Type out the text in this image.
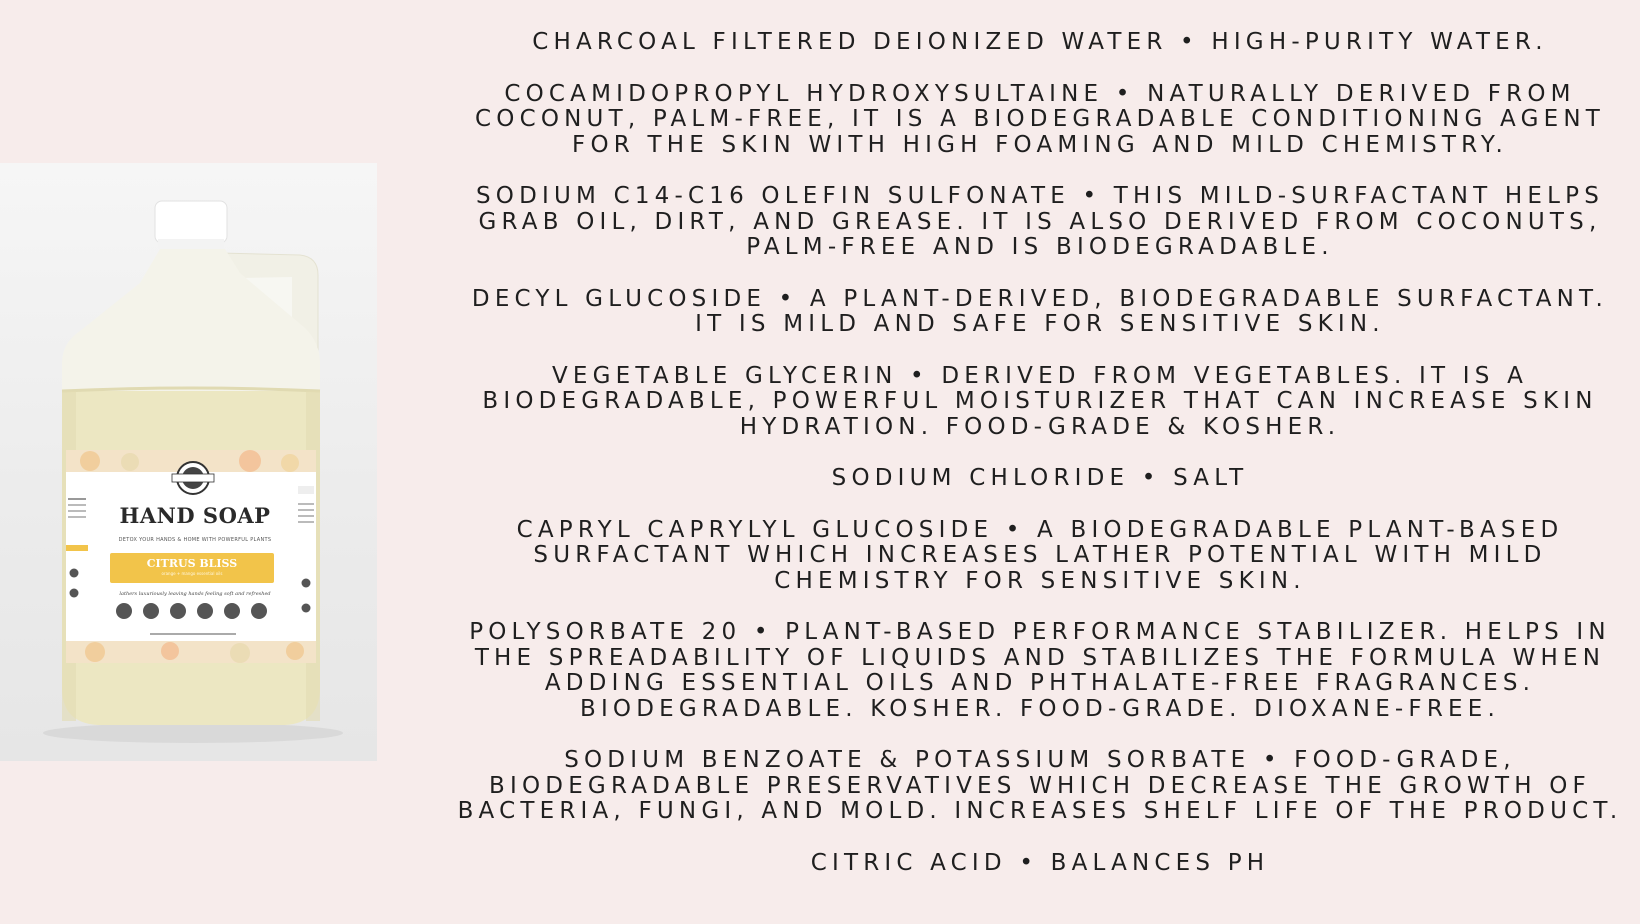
HAND SOAP
DETOX YOUR HANDS & HOME WITH POWERFUL PLANTS
CITRUS BLISS
orange + mango essential oils
lathers luxuriously leaving hands feeling soft and refreshed
CHARCOAL FILTERED DEIONIZED WATER • HIGH-PURITY WATER.
COCAMIDOPROPYL HYDROXYSULTAINE • NATURALLY DERIVED FROM COCONUT, PALM-FREE, IT IS A BIODEGRADABLE CONDITIONING AGENT FOR THE SKIN WITH HIGH FOAMING AND MILD CHEMISTRY.
SODIUM C14-C16 OLEFIN SULFONATE • THIS MILD-SURFACTANT HELPS GRAB OIL, DIRT, AND GREASE. IT IS ALSO DERIVED FROM COCONUTS, PALM-FREE AND IS BIODEGRADABLE.
DECYL GLUCOSIDE • A PLANT-DERIVED, BIODEGRADABLE SURFACTANT. IT IS MILD AND SAFE FOR SENSITIVE SKIN.
VEGETABLE GLYCERIN • DERIVED FROM VEGETABLES. IT IS A BIODEGRADABLE, POWERFUL MOISTURIZER THAT CAN INCREASE SKIN HYDRATION. FOOD-GRADE & KOSHER.
SODIUM CHLORIDE • SALT
CAPRYL CAPRYLYL GLUCOSIDE • A BIODEGRADABLE PLANT-BASED SURFACTANT WHICH INCREASES LATHER POTENTIAL WITH MILD CHEMISTRY FOR SENSITIVE SKIN.
POLYSORBATE 20 • PLANT-BASED PERFORMANCE STABILIZER. HELPS IN THE SPREADABILITY OF LIQUIDS AND STABILIZES THE FORMULA WHEN ADDING ESSENTIAL OILS AND PHTHALATE-FREE FRAGRANCES. BIODEGRADABLE. KOSHER. FOOD-GRADE. DIOXANE-FREE.
SODIUM BENZOATE & POTASSIUM SORBATE • FOOD-GRADE, BIODEGRADABLE PRESERVATIVES WHICH DECREASE THE GROWTH OF BACTERIA, FUNGI, AND MOLD. INCREASES SHELF LIFE OF THE PRODUCT.
CITRIC ACID • BALANCES PH
